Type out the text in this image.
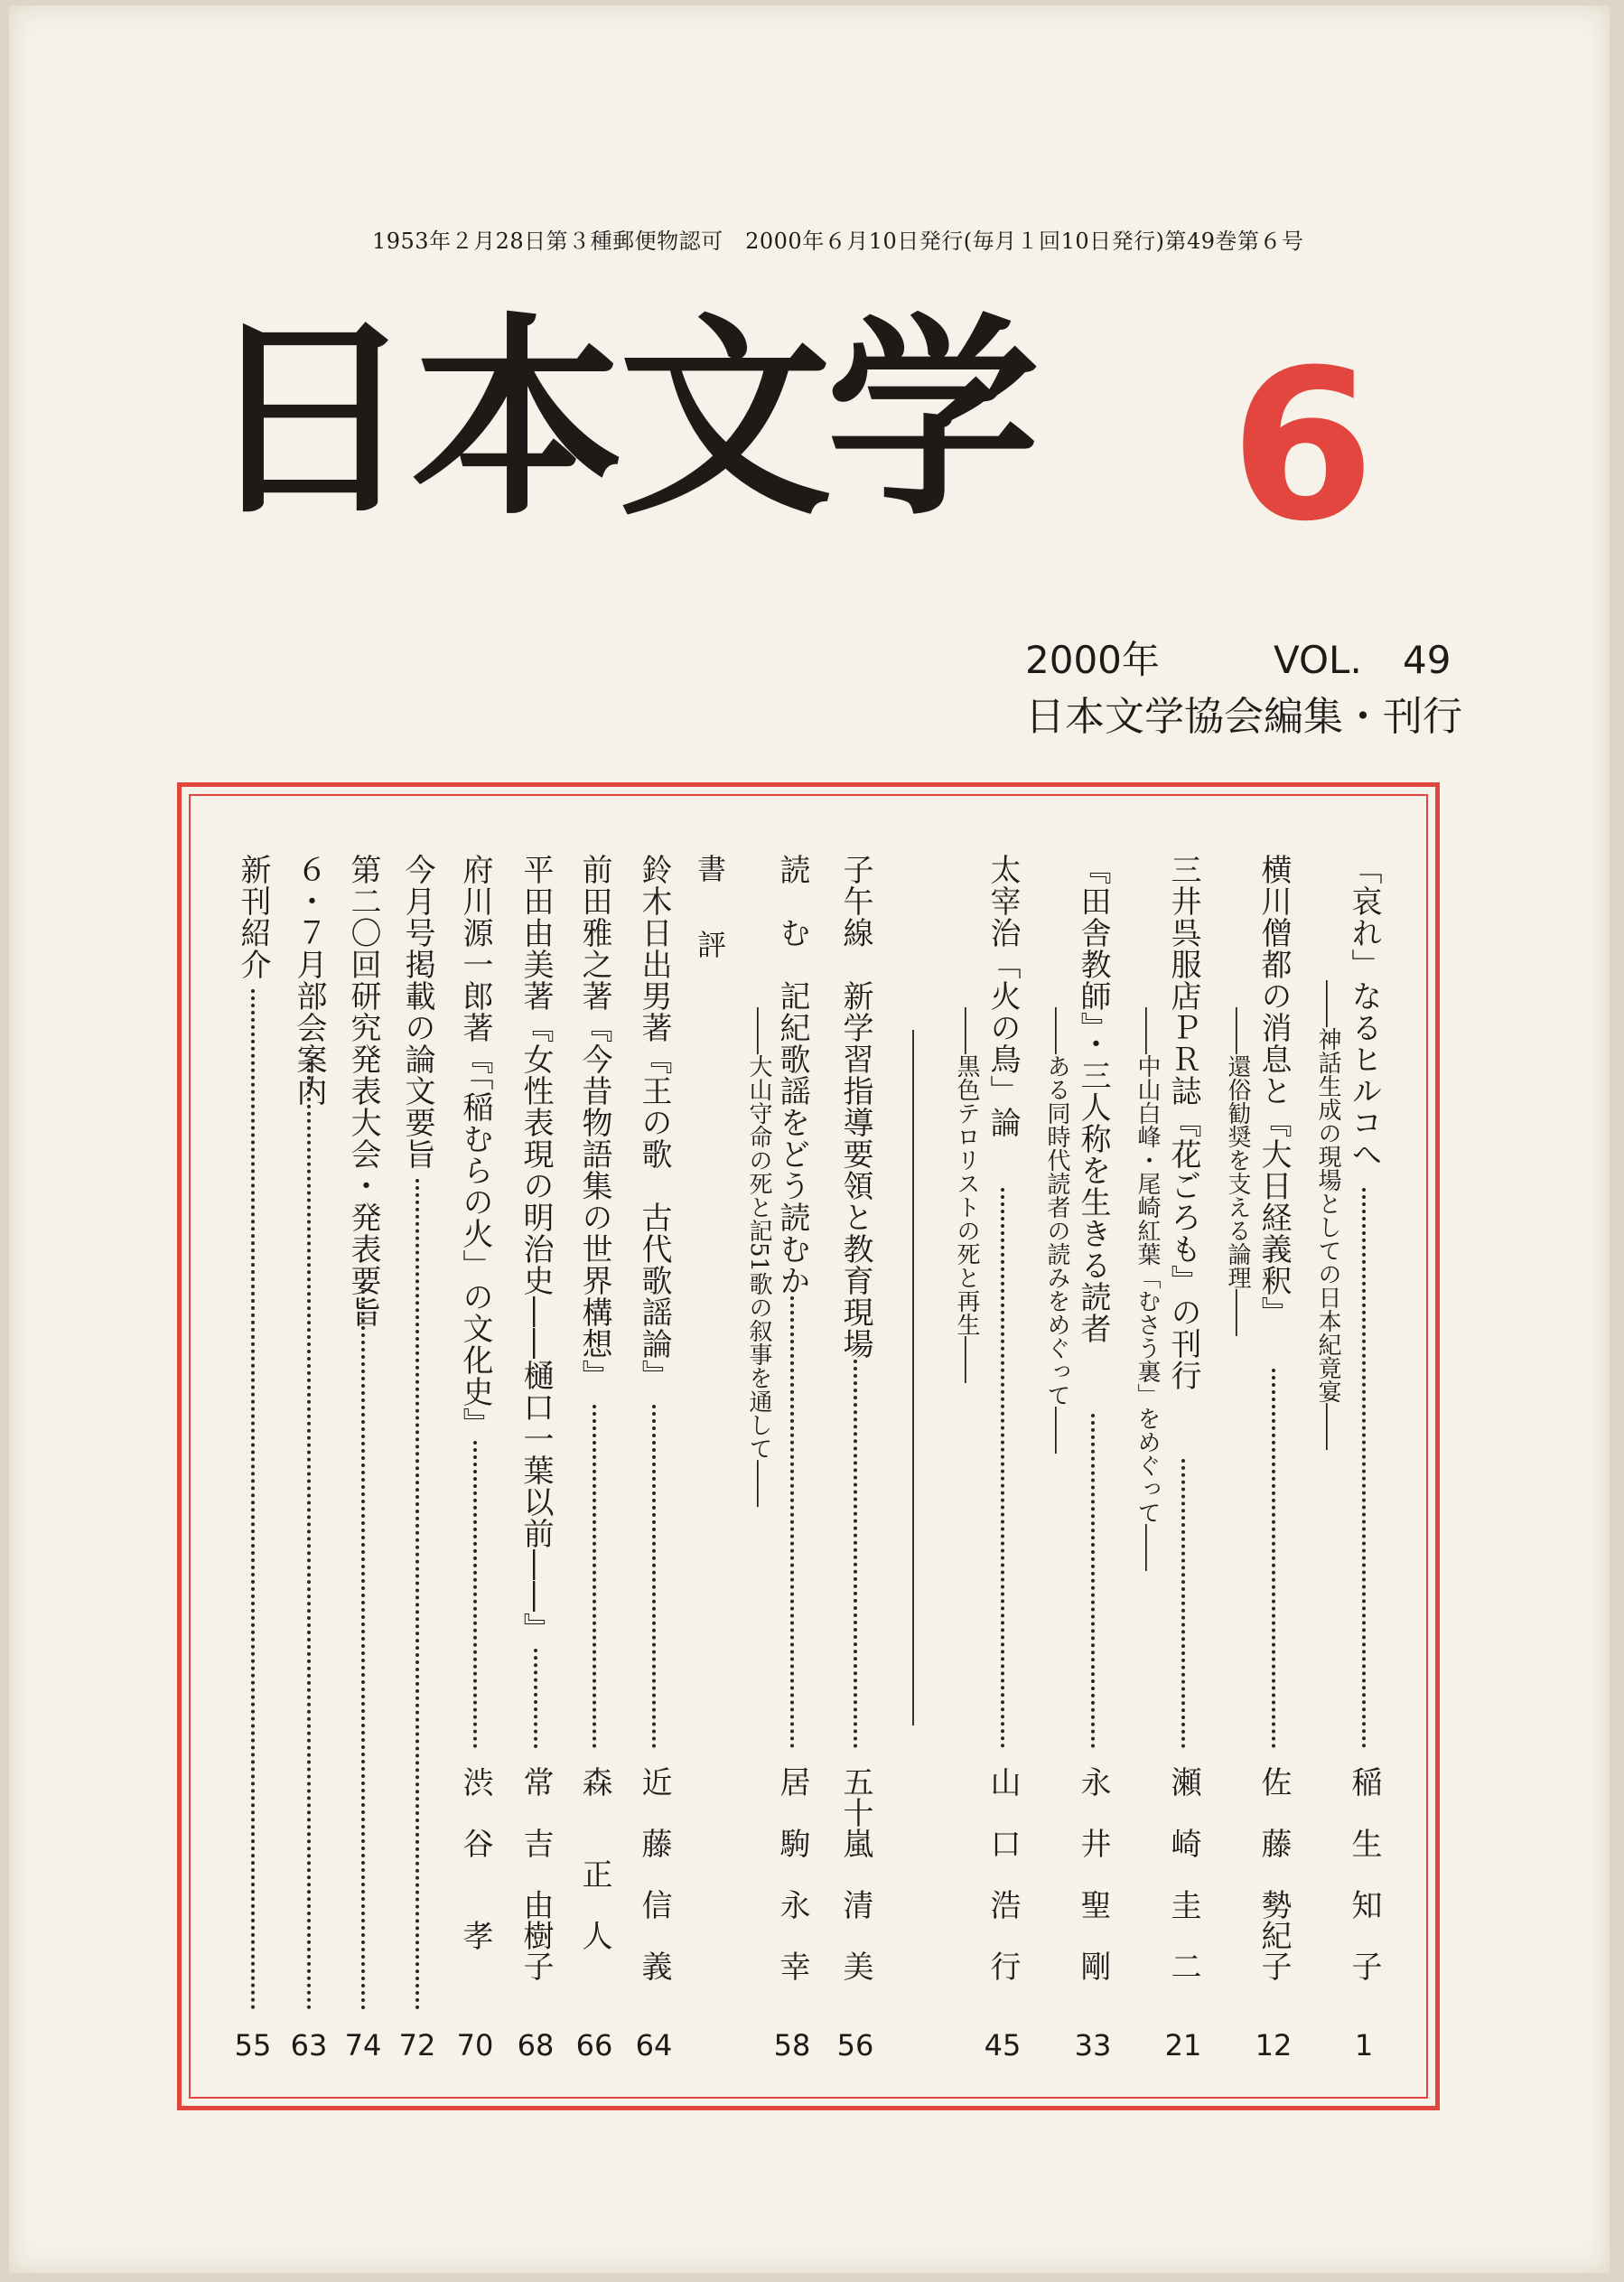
1953年２月28日第３種郵便物認可　2000年６月10日発行(毎月１回10日発行)第49巻第６号
日本文学 6
2000年	VOL. 49
日本文学協会編集・刊行
「哀れ」なるヒルコへ
――神話生成の現場としての日本紀竟宴――
稲　生　知　子
1
横川僧都の消息と『大日経義釈』
――還俗勧奨を支える論理――
佐　藤　勢紀子
12
三井呉服店ＰＲ誌『花ごろも』の刊行
――中山白峰・尾崎紅葉「むさう裏」をめぐって――
瀬　崎　圭　二
21
『田舎教師』・三人称を生きる読者
――ある同時代読者の読みをめぐって――
永　井　聖　剛
33
太宰治「火の鳥」論
――黒色テロリストの死と再生――
山　口　浩　行
45
子午線
新学習指導要領と教育現場
五十嵐　清　美
56
読　む
記紀歌謡をどう読むか
――大山守命の死と記51歌の叙事を通して――
居　駒　永　幸
58
書　評
鈴木日出男著『王の歌　古代歌謡論』
近　藤　信　義
64
前田雅之著『今昔物語集の世界構想』
森　　正　人
66
平田由美著『女性表現の明治史――樋口一葉以前――』
常　吉　由樹子
68
府川源一郎著『「稲むらの火」の文化史』
渋　谷　　孝
70
今月号掲載の論文要旨
72
第二〇回研究発表大会・発表要旨
74
６・７月部会案内
63
新刊紹介
55
